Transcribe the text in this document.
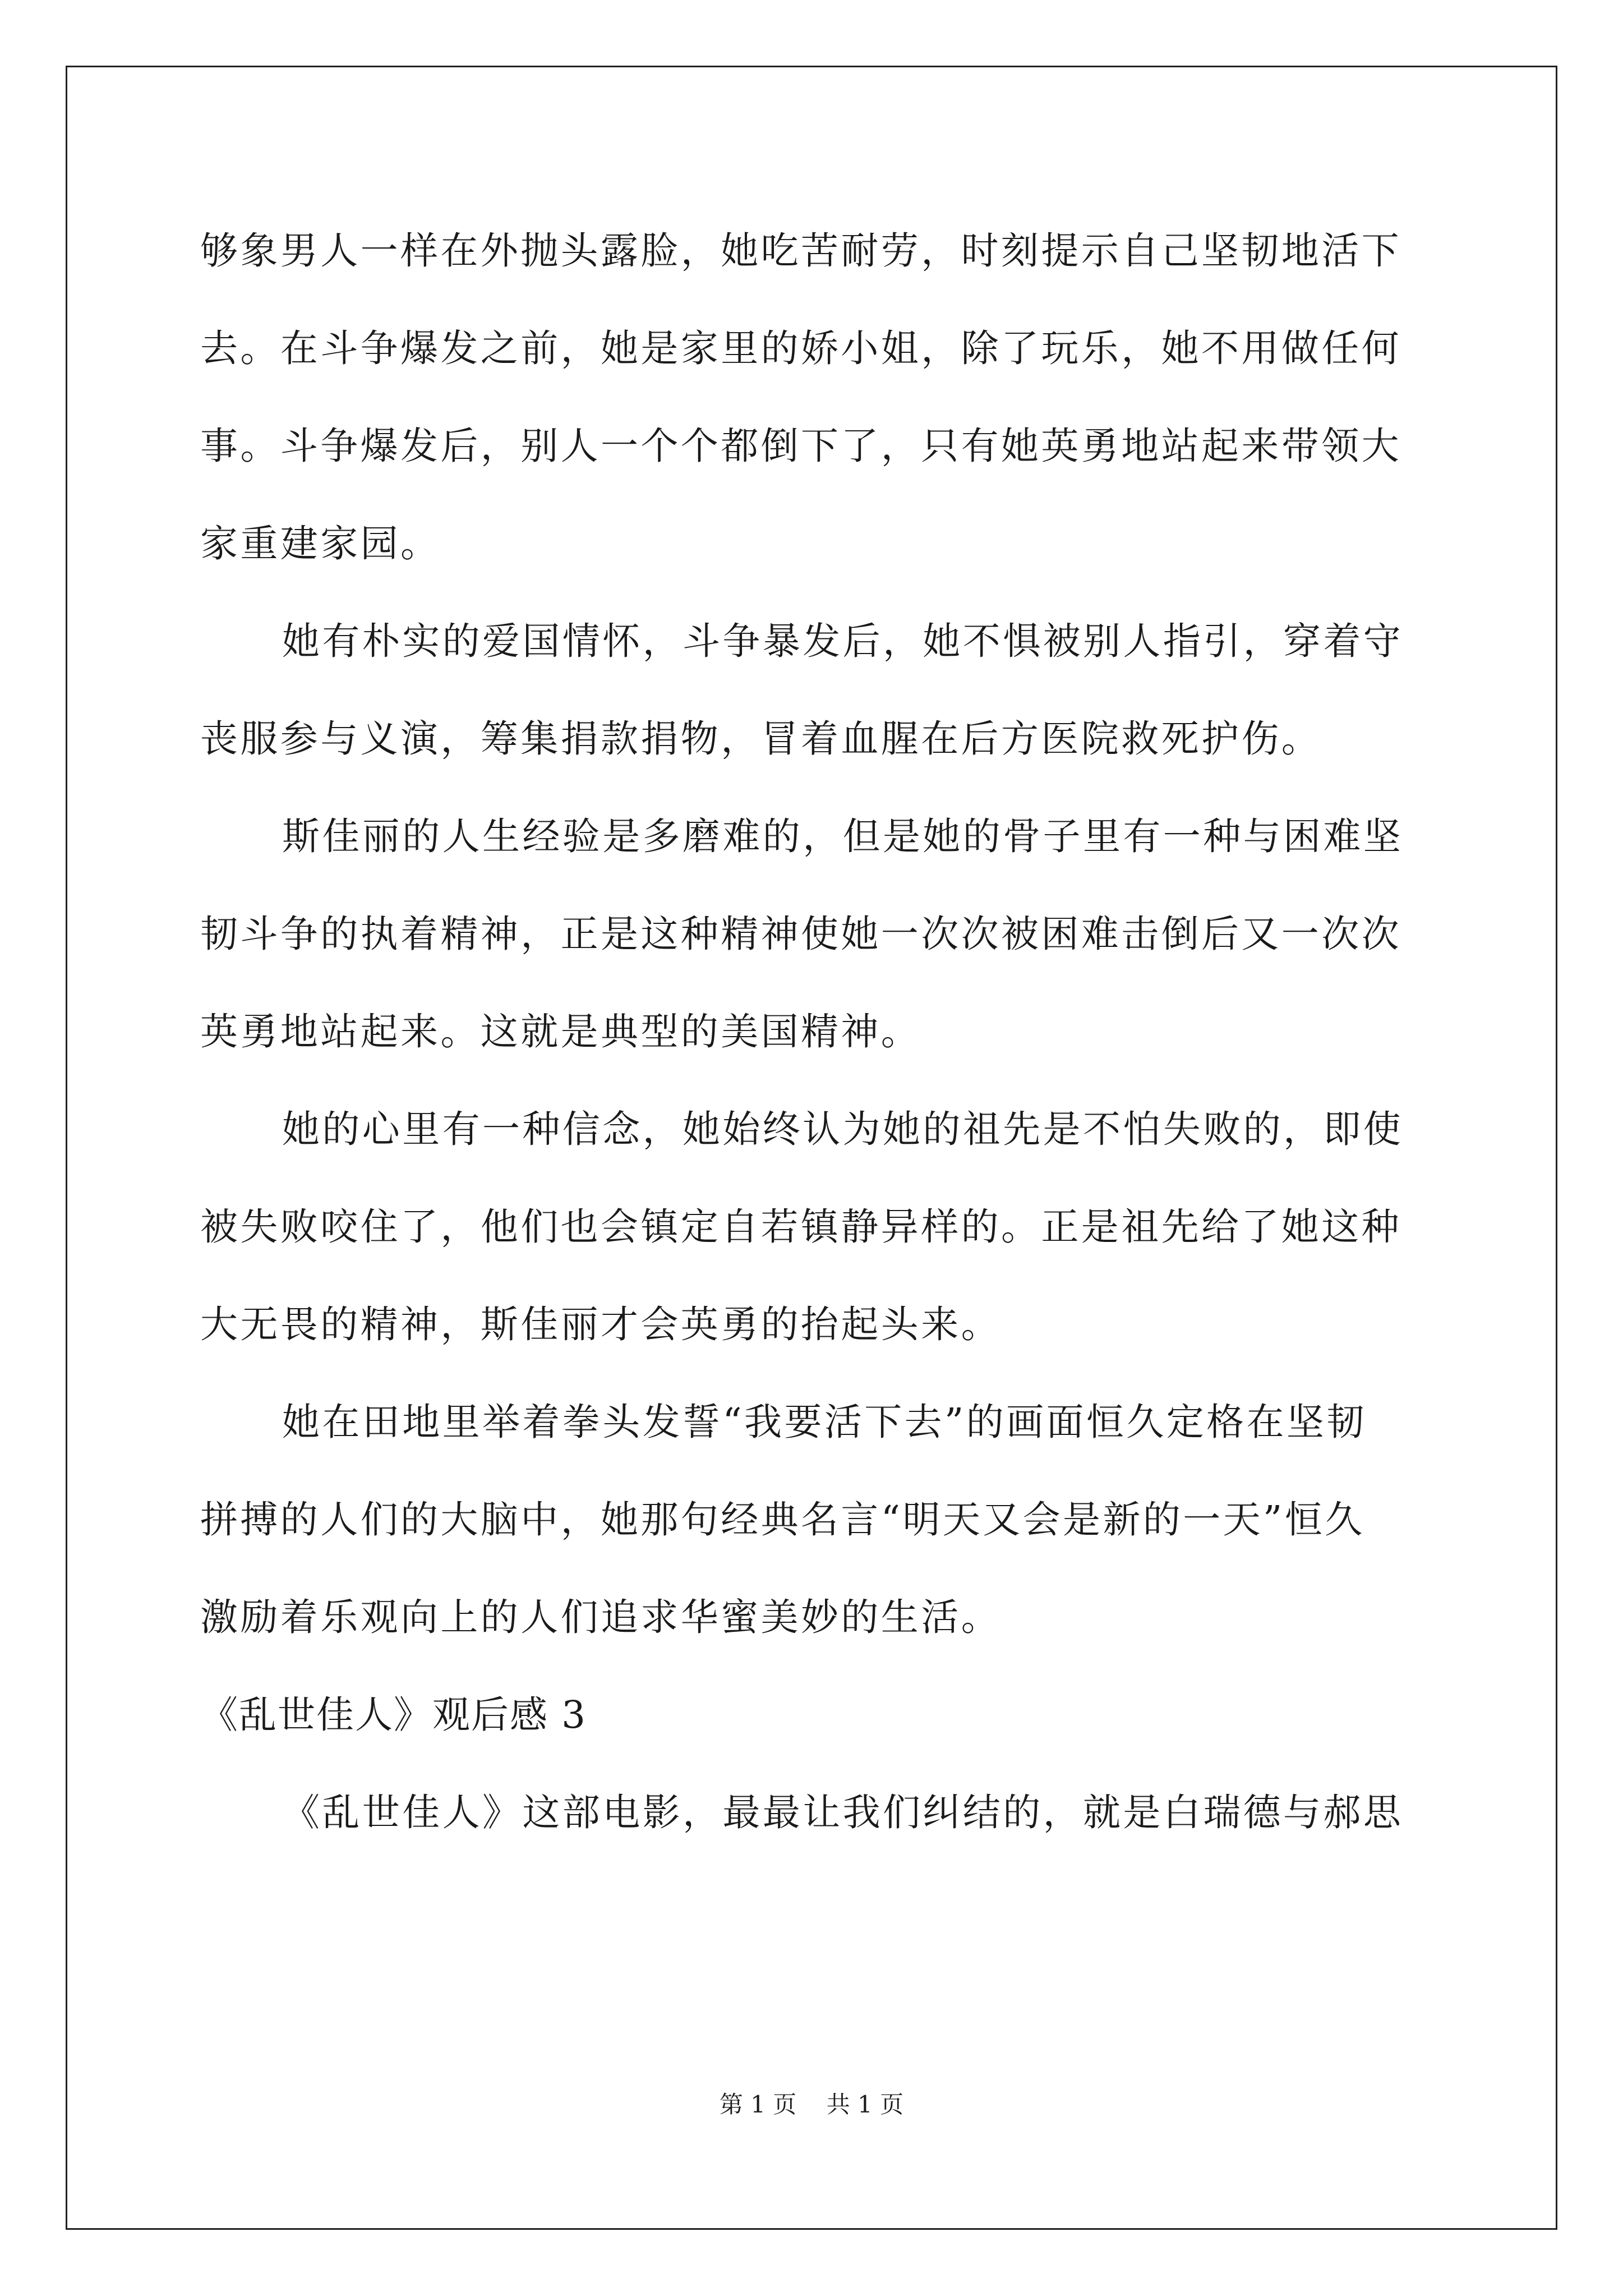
够象男人一样在外抛头露脸，她吃苦耐劳，时刻提示自己坚韧地活下
去。在斗争爆发之前，她是家里的娇小姐，除了玩乐，她不用做任何
事。斗争爆发后，别人一个个都倒下了，只有她英勇地站起来带领大
家重建家园。
她有朴实的爱国情怀，斗争暴发后，她不惧被别人指引，穿着守
丧服参与义演，筹集捐款捐物，冒着血腥在后方医院救死护伤。
斯佳丽的人生经验是多磨难的，但是她的骨子里有一种与困难坚
韧斗争的执着精神，正是这种精神使她一次次被困难击倒后又一次次
英勇地站起来。这就是典型的美国精神。
她的心里有一种信念，她始终认为她的祖先是不怕失败的，即使
被失败咬住了，他们也会镇定自若镇静异样的。正是祖先给了她这种
大无畏的精神，斯佳丽才会英勇的抬起头来。
她在田地里举着拳头发誓“我要活下去”的画面恒久定格在坚韧
拼搏的人们的大脑中，她那句经典名言“明天又会是新的一天”恒久
激励着乐观向上的人们追求华蜜美妙的生活。
《乱世佳人》观后感 3
《乱世佳人》这部电影，最最让我们纠结的，就是白瑞德与郝思
第 1 页    共 1 页
